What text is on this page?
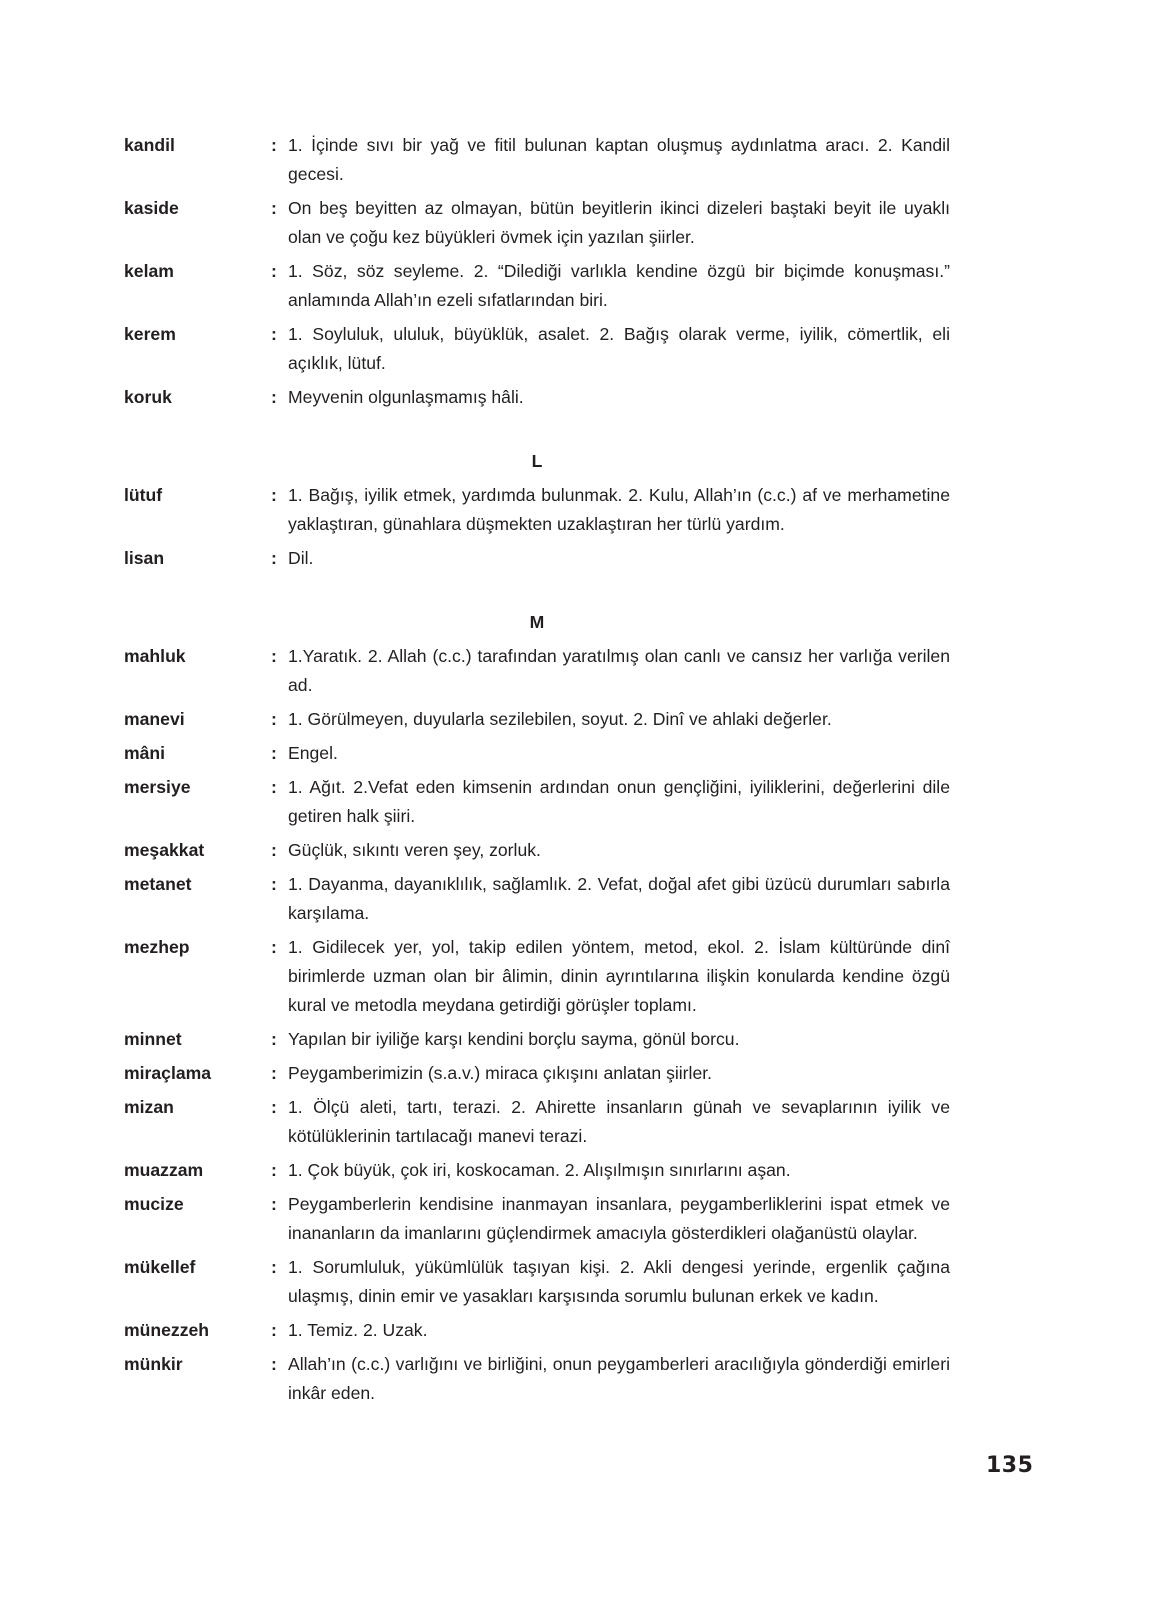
kandil	: 1. İçinde sıvı bir yağ ve fitil bulunan kaptan oluşmuş aydınlatma aracı. 2. Kandil gecesi.
kaside	: On beş beyitten az olmayan, bütün beyitlerin ikinci dizeleri baştaki beyit ile uyaklı olan ve çoğu kez büyükleri övmek için yazılan şiirler.
kelam	: 1. Söz, söz seyleme. 2. “Dilediği varlıkla kendine özgü bir biçimde konuşması.” anlamında Allah’ın ezeli sıfatlarından biri.
kerem	: 1. Soyluluk, ululuk, büyüklük, asalet. 2. Bağış olarak verme, iyilik, cömertlik, eli açıklık, lütuf.
koruk	: Meyvenin olgunlaşmamış hâli.
L
lütuf	: 1. Bağış, iyilik etmek, yardımda bulunmak. 2. Kulu, Allah’ın (c.c.) af ve merhametine yaklaştıran, günahlara düşmekten uzaklaştıran her türlü yardım.
lisan	: Dil.
M
mahluk	: 1.Yaratık. 2. Allah (c.c.) tarafından yaratılmış olan canlı ve cansız her varlığa verilen ad.
manevi	: 1. Görülmeyen, duyularla sezilebilen, soyut. 2. Dinî ve ahlaki değerler.
mâni	: Engel.
mersiye	: 1. Ağıt. 2.Vefat eden kimsenin ardından onun gençliğini, iyiliklerini, değerlerini dile getiren halk şiiri.
meşakkat	: Güçlük, sıkıntı veren şey, zorluk.
metanet	: 1. Dayanma, dayanıklılık, sağlamlık. 2. Vefat, doğal afet gibi üzücü durumları sabırla karşılama.
mezhep	: 1. Gidilecek yer, yol, takip edilen yöntem, metod, ekol. 2. İslam kültüründe dinî birimlerde uzman olan bir âlimin, dinin ayrıntılarına ilişkin konularda kendine özgü kural ve metodla meydana getirdiği görüşler toplamı.
minnet	: Yapılan bir iyiliğe karşı kendini borçlu sayma, gönül borcu.
miraçlama	: Peygamberimizin (s.a.v.) miraca çıkışını anlatan şiirler.
mizan	: 1. Ölçü aleti, tartı, terazi. 2. Ahirette insanların günah ve sevaplarının iyilik ve kötülüklerinin tartılacağı manevi terazi.
muazzam	: 1. Çok büyük, çok iri, koskocaman. 2. Alışılmışın sınırlarını aşan.
mucize	: Peygamberlerin kendisine inanmayan insanlara, peygamberliklerini ispat etmek ve inananların da imanlarını güçlendirmek amacıyla gösterdikleri olağanüstü olaylar.
mükellef	: 1. Sorumluluk, yükümlülük taşıyan kişi. 2. Akli dengesi yerinde, ergenlik çağına ulaşmış, dinin emir ve yasakları karşısında sorumlu bulunan erkek ve kadın.
münezzeh	: 1. Temiz. 2. Uzak.
münkir	: Allah’ın (c.c.) varlığını ve birliğini, onun peygamberleri aracılığıyla gönderdiği emirleri inkâr eden.
135
